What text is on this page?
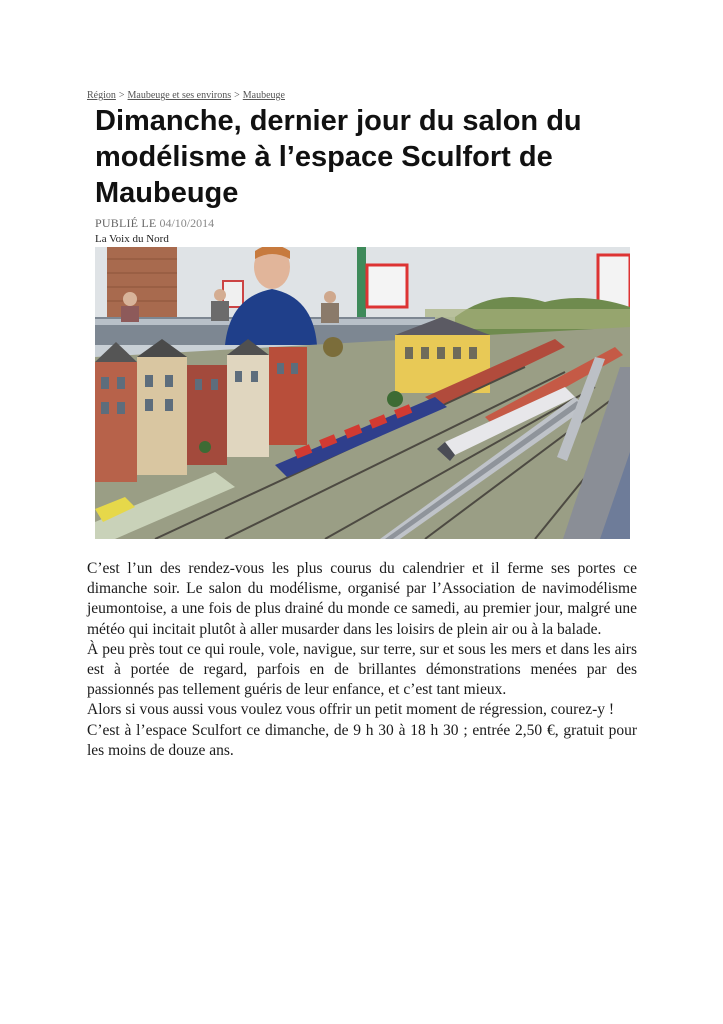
Région > Maubeuge et ses environs > Maubeuge
Dimanche, dernier jour du salon du modélisme à l’espace Sculfort de Maubeuge
PUBLIÉ LE 04/10/2014
La Voix du Nord

C’est l’un des rendez-vous les plus courus du calendrier et il ferme ses portes ce dimanche soir. Le salon du modélisme, organisé par l’Association de navimodélisme jeumontoise, a une fois de plus drainé du monde ce samedi, au premier jour, malgré une météo qui incitait plutôt à aller musarder dans les loisirs de plein air ou à la balade.

À peu près tout ce qui roule, vole, navigue, sur terre, sur et sous les mers et dans les airs est à portée de regard, parfois en de brillantes démonstrations menées par des passionnés pas tellement guéris de leur enfance, et c’est tant mieux.

Alors si vous aussi vous voulez vous offrir un petit moment de régression, courez-y !

C’est à l’espace Sculfort ce dimanche, de 9 h 30 à 18 h 30 ; entrée 2,50 €, gratuit pour les moins de douze ans.
